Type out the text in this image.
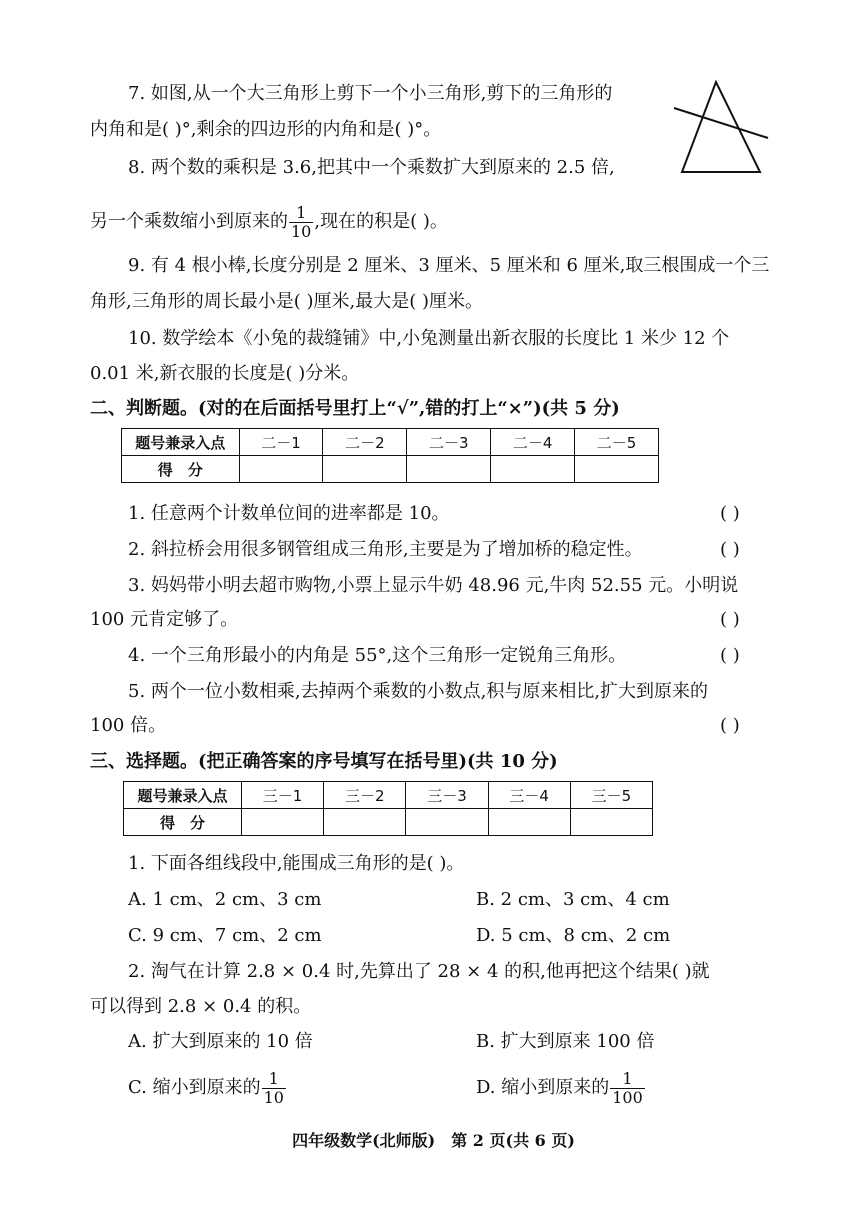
7. 如图,从一个大三角形上剪下一个小三角形,剪下的三角形的
内角和是( )°,剩余的四边形的内角和是( )°。
8. 两个数的乘积是 3.6,把其中一个乘数扩大到原来的 2.5 倍,
另一个乘数缩小到原来的 $\frac{1}{10}$ ,现在的积是( )。
9. 有 4 根小棒,长度分别是 2 厘米、3 厘米、5 厘米和 6 厘米,取三根围成一个三
角形,三角形的周长最小是( )厘米,最大是( )厘米。
10. 数学绘本《小兔的裁缝铺》中,小兔测量出新衣服的长度比 1 米少 12 个
0.01 米,新衣服的长度是( )分米。
二、判断题。(对的在后面括号里打上“√”,错的打上“×”)(共 5 分)
题号兼录入点	二－1	二－2	二－3	二－4	二－5
得　分					
1. 任意两个计数单位间的进率都是 10。	( )
2. 斜拉桥会用很多钢管组成三角形,主要是为了增加桥的稳定性。	( )
3. 妈妈带小明去超市购物,小票上显示牛奶 48.96 元,牛肉 52.55 元。小明说
100 元肯定够了。	( )
4. 一个三角形最小的内角是 55°,这个三角形一定锐角三角形。	( )
5. 两个一位小数相乘,去掉两个乘数的小数点,积与原来相比,扩大到原来的
100 倍。	( )
三、选择题。(把正确答案的序号填写在括号里)(共 10 分)
题号兼录入点	三－1	三－2	三－3	三－4	三－5
得　分					
1. 下面各组线段中,能围成三角形的是( )。
A. 1 cm、2 cm、3 cm	B. 2 cm、3 cm、4 cm
C. 9 cm、7 cm、2 cm	D. 5 cm、8 cm、2 cm
2. 淘气在计算 2.8 × 0.4 时,先算出了 28 × 4 的积,他再把这个结果( )就
可以得到 2.8 × 0.4 的积。
A. 扩大到原来的 10 倍	B. 扩大到原来 100 倍
C. 缩小到原来的 $\frac{1}{10}$	D. 缩小到原来的 $\frac{1}{100}$
四年级数学(北师版)　第 2 页(共 6 页)
